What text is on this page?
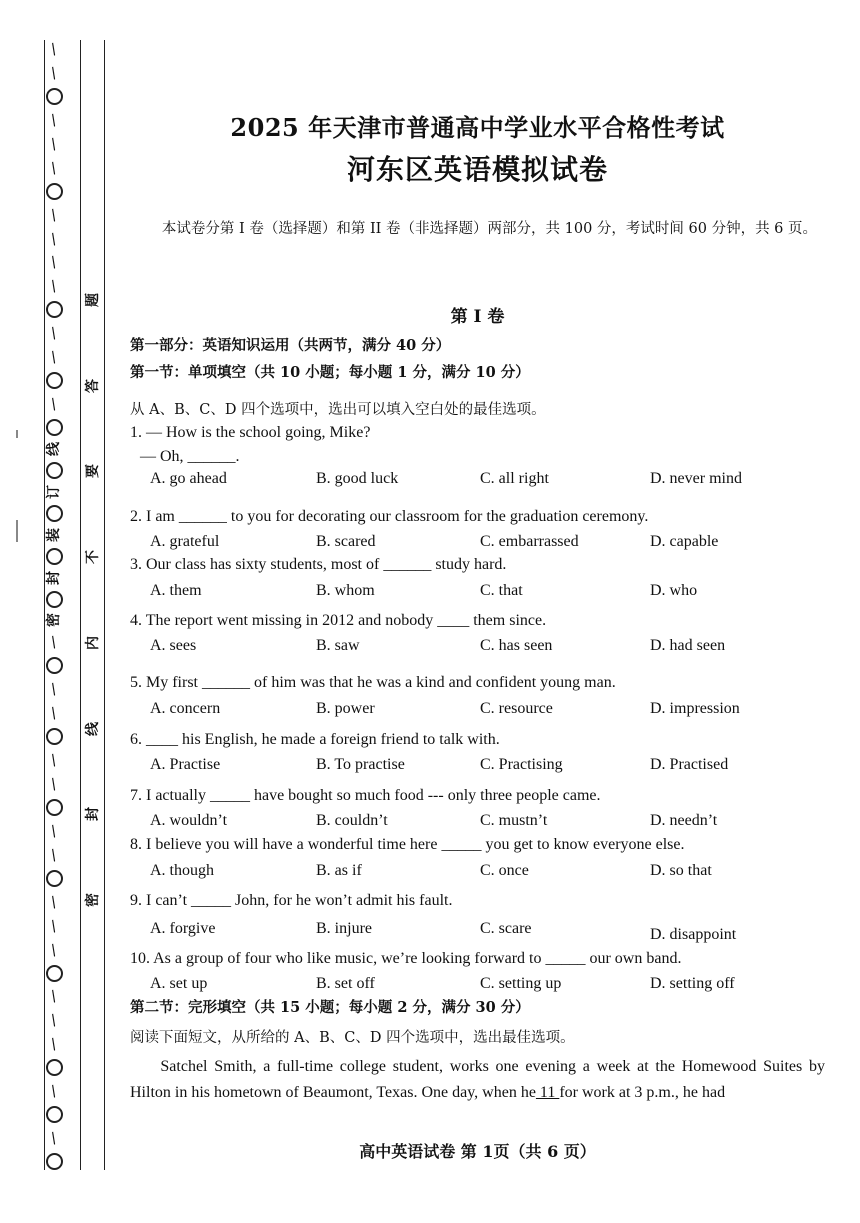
/
/
/
/
/
/
/
/
/
/
/
/
线
订
装
封
密
/
/
/
/
/
/
/
/
/
/
/
/
/
/
/
题
答
要
不
内
线
封
密
2025 年天津市普通高中学业水平合格性考试
河东区英语模拟试卷
本试卷分第 I 卷（选择题）和第 II 卷（非选择题）两部分，共 100 分，考试时间 60 分钟，共 6 页。
第 I 卷
第一部分：英语知识运用（共两节，满分 40 分）
第一节：单项填空（共 10 小题；每小题 1 分，满分 10 分）
从 A、B、C、D 四个选项中，选出可以填入空白处的最佳选项。
1. — How is the school going, Mike?
— Oh, ______.
A. go ahead	B. good luck	C. all right	D. never mind
2. I am ______ to you for decorating our classroom for the graduation ceremony.
A. grateful	B. scared	C. embarrassed	D. capable
3. Our class has sixty students, most of ______ study hard.
A. them	B. whom	C. that	D. who
4. The report went missing in 2012 and nobody ____ them since.
A. sees	B. saw	C. has seen	D. had seen
5. My first ______ of him was that he was a kind and confident young man.
A. concern	B. power	C. resource	D. impression
6. ____ his English, he made a foreign friend to talk with.
A. Practise	B. To practise	C. Practising	D. Practised
7. I actually _____ have bought so much food --- only three people came.
A. wouldn’t	B. couldn’t	C. mustn’t	D. needn’t
8. I believe you will have a wonderful time here _____ you get to know everyone else.
A. though	B. as if	C. once	D. so that
9. I can’t _____ John, for he won’t admit his fault.
A. forgive	B. injure	C. scare	D. disappoint
10. As a group of four who like music, we’re looking forward to _____ our own band.
A. set up	B. set off	C. setting up	D. setting off
第二节：完形填空（共 15 小题；每小题 2 分，满分 30 分）
阅读下面短文，从所给的 A、B、C、D 四个选项中，选出最佳选项。
Satchel Smith, a full-time college student, works one evening a week at the Homewood Suites by Hilton in his hometown of Beaumont, Texas. One day, when he 11 for work at 3 p.m., he had
高中英语试卷 第 1页（共 6 页）
